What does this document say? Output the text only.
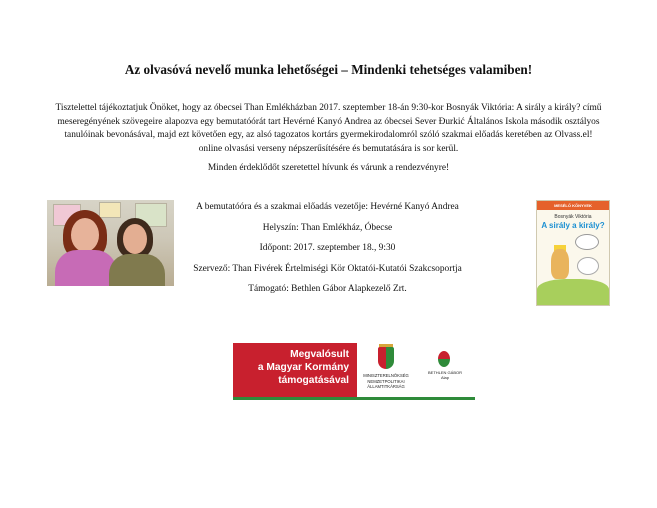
Az olvasóvá nevelő munka lehetőségei – Mindenki tehetséges valamiben!
Tisztelettel tájékoztatjuk Önöket, hogy az óbecsei Than Emlékházban 2017. szeptember 18-án 9:30-kor Bosnyák Viktória: A sirály a király? című meseregényének szövegeire alapozva egy bemutatóórát tart Hevérné Kanyó Andrea az óbecsei Sever Đurkić Általános Iskola második osztályos tanulóinak bevonásával, majd ezt követően egy, az alsó tagozatos kortárs gyermekirodalomról szóló szakmai előadás keretében az Olvass.el! online olvasási verseny népszerűsítésére és bemutatására is sor kerül.
Minden érdeklődőt szeretettel hívunk és várunk a rendezvényre!
A bemutatóóra és a szakmai előadás vezetője: Hevérné Kanyó Andrea
Helyszín: Than Emlékház, Óbecse
Időpont: 2017. szeptember 18., 9:30
Szervező: Than Fivérek Értelmiségi Kör Oktatói-Kutatói Szakcsoportja
Támogató: Bethlen Gábor Alapkezelő Zrt.
MESÉLŐ KÖNYVEK
Bosnyák Viktória
A sirály a király?
Megvalósult
a Magyar Kormány
támogatásával	MINISZTERELNÖKSÉG
NEMZETPOLITIKAI ÁLLAMTITKÁRSÁG
BETHLEN GÁBOR
Alap
